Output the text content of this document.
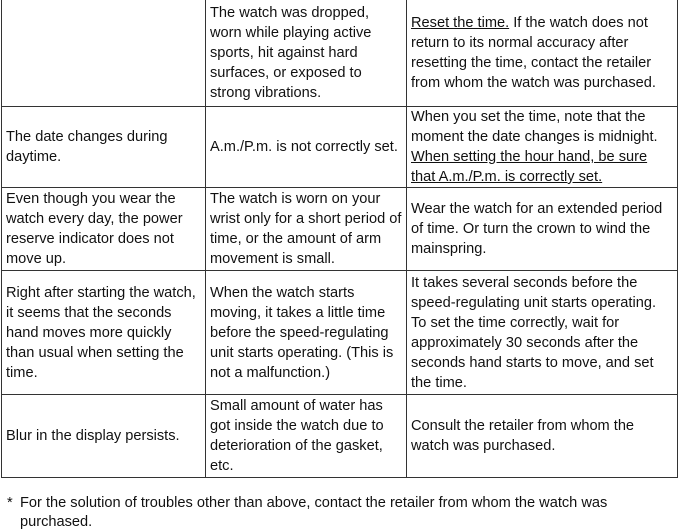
	The watch was dropped, worn while playing active sports, hit against hard surfaces, or exposed to strong vibrations.	Reset the time. If the watch does not return to its normal accuracy after resetting the time, contact the retailer from whom the watch was purchased.
The date changes during daytime.	A.m./P.m. is not correctly set.	When you set the time, note that the moment the date changes is midnight. When setting the hour hand, be sure that A.m./P.m. is correctly set.
Even though you wear the watch every day, the power reserve indicator does not move up.	The watch is worn on your wrist only for a short period of time, or the amount of arm movement is small.	Wear the watch for an extended period of time. Or turn the crown to wind the mainspring.
Right after starting the watch, it seems that the seconds hand moves more quickly than usual when setting the time.	When the watch starts moving, it takes a little time before the speed-regulating unit starts operating. (This is not a malfunction.)	It takes several seconds before the speed-regulating unit starts operating. To set the time correctly, wait for approximately 30 seconds after the seconds hand starts to move, and set the time.
Blur in the display persists.	Small amount of water has got inside the watch due to deterioration of the gasket, etc.	Consult the retailer from whom the watch was purchased.
* For the solution of troubles other than above, contact the retailer from whom the watch was purchased.
